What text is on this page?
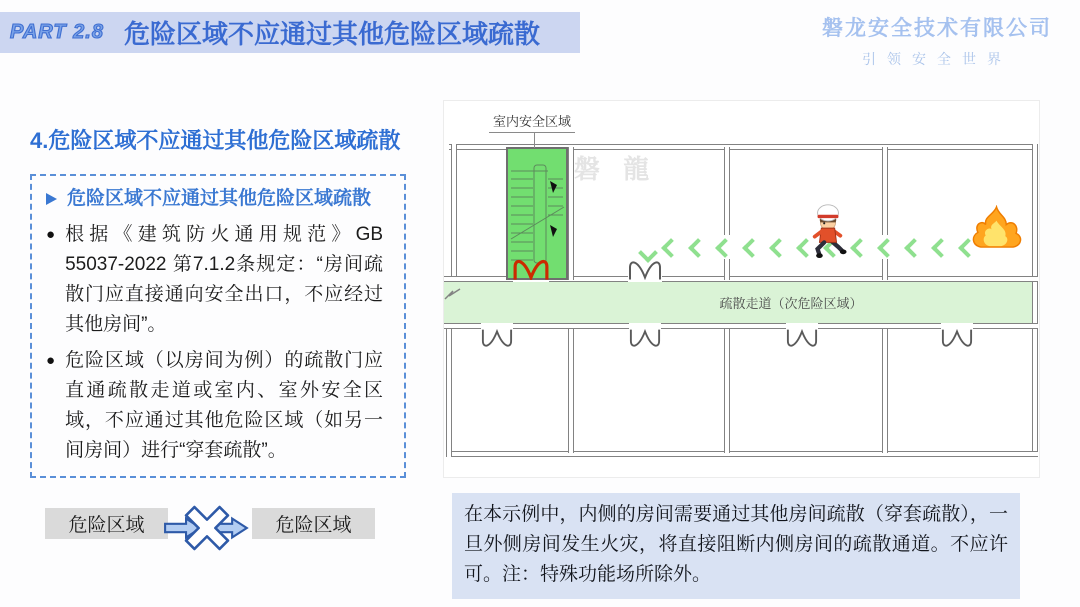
PART 2.8 危险区域不应通过其他危险区域疏散	磐龙安全技术有限公司
引领安全世界
4.危险区域不应通过其他危险区域疏散
危险区域不应通过其他危险区域疏散
● 根据《建筑防火通用规范》GB 55037-2022 第7.1.2条规定：“房间疏散门应直接通向安全出口，不应经过其他房间”。
● 危险区域（以房间为例）的疏散门应直通疏散走道或室内、室外安全区域，不应通过其他危险区域（如另一间房间）进行“穿套疏散”。
危险区域	危险区域
在本示例中，内侧的房间需要通过其他房间疏散（穿套疏散），一旦外侧房间发生火灾，将直接阻断内侧房间的疏散通道。不应许可。注：特殊功能场所除外。
磐 龍
疏散走道（次危险区域）
室内安全区域
